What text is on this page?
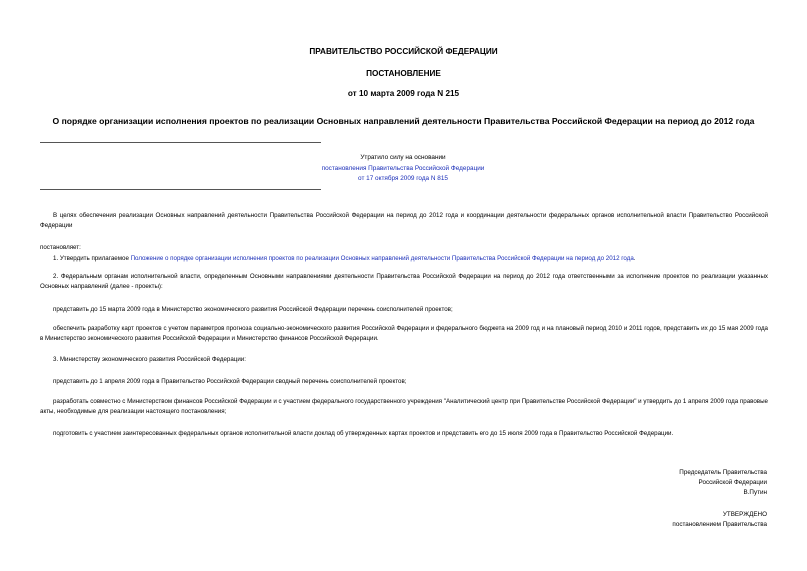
ПРАВИТЕЛЬСТВО РОССИЙСКОЙ ФЕДЕРАЦИИ
ПОСТАНОВЛЕНИЕ
от 10 марта 2009 года N 215
О порядке организации исполнения проектов по реализации Основных направлений деятельности Правительства Российской Федерации на период до 2012 года
Утратило силу на основании
постановления Правительства Российской Федерации
от 17 октября 2009 года N 815
В целях обеспечения реализации Основных направлений деятельности Правительства Российской Федерации на период до 2012 года и координации деятельности федеральных органов исполнительной власти Правительство Российской Федерации
постановляет:
1. Утвердить прилагаемое Положение о порядке организации исполнения проектов по реализации Основных направлений деятельности Правительства Российской Федерации на период до 2012 года.
2. Федеральным органам исполнительной власти, определенным Основными направлениями деятельности Правительства Российской Федерации на период до 2012 года ответственными за исполнение проектов по реализации указанных Основных направлений (далее - проекты):
представить до 15 марта 2009 года в Министерство экономического развития Российской Федерации перечень соисполнителей проектов;
обеспечить разработку карт проектов с учетом параметров прогноза социально-экономического развития Российской Федерации и федерального бюджета на 2009 год и на плановый период 2010 и 2011 годов, представить их до 15 мая 2009 года в Министерство экономического развития Российской Федерации и Министерство финансов Российской Федерации.
3. Министерству экономического развития Российской Федерации:
представить до 1 апреля 2009 года в Правительство Российской Федерации сводный перечень соисполнителей проектов;
разработать совместно с Министерством финансов Российской Федерации и с участием федерального государственного учреждения "Аналитический центр при Правительстве Российской Федерации" и утвердить до 1 апреля 2009 года правовые акты, необходимые для реализации настоящего постановления;
подготовить с участием заинтересованных федеральных органов исполнительной власти доклад об утвержденных картах проектов и представить его до 15 июля 2009 года в Правительство Российской Федерации.
Председатель Правительства
Российской Федерации
В.Путин
УТВЕРЖДЕНО
постановлением Правительства
